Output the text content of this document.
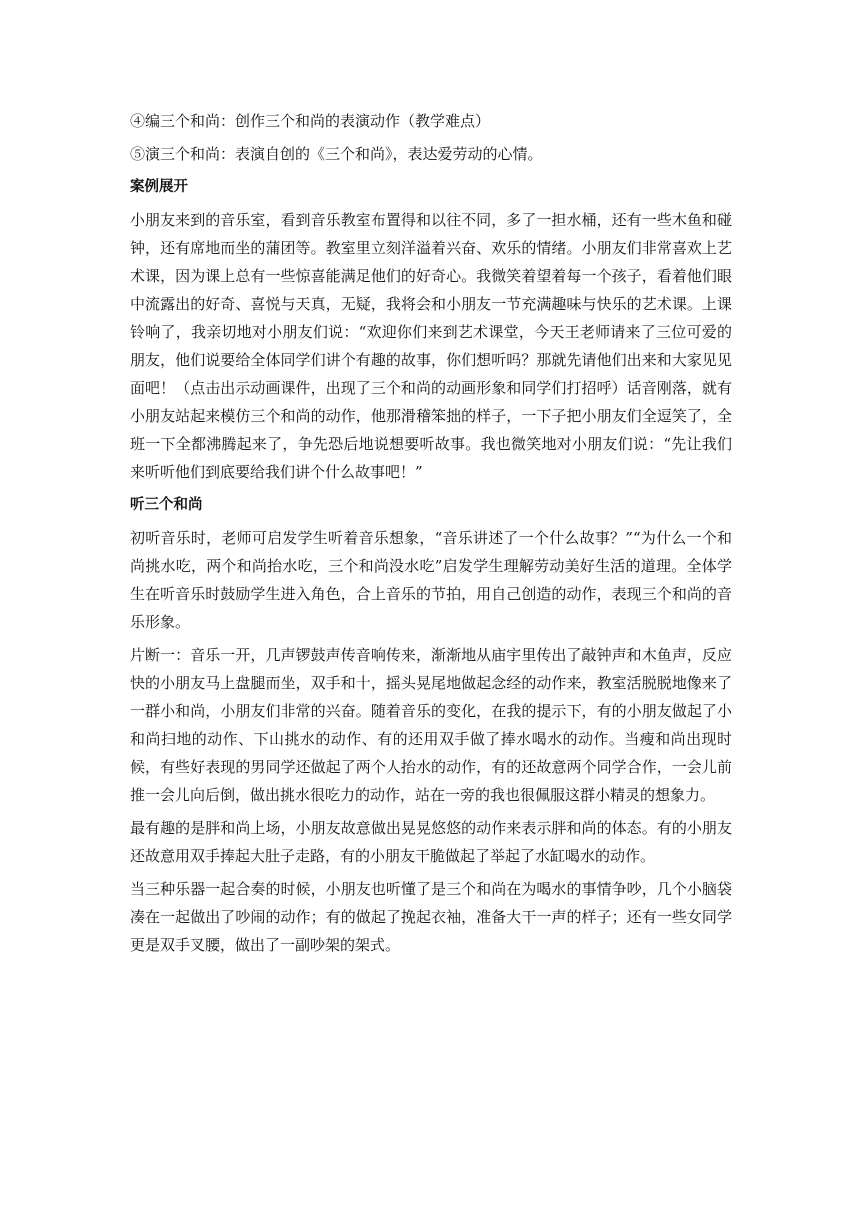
④编三个和尚：创作三个和尚的表演动作（教学难点）

⑤演三个和尚：表演自创的《三个和尚》，表达爱劳动的心情。

案例展开

小朋友来到的音乐室，看到音乐教室布置得和以往不同，多了一担水桶，还有一些木鱼和碰钟，还有席地而坐的蒲团等。教室里立刻洋溢着兴奋、欢乐的情绪。小朋友们非常喜欢上艺术课，因为课上总有一些惊喜能满足他们的好奇心。我微笑着望着每一个孩子，看着他们眼中流露出的好奇、喜悦与天真，无疑，我将会和小朋友一节充满趣味与快乐的艺术课。上课铃响了，我亲切地对小朋友们说：“欢迎你们来到艺术课堂，今天王老师请来了三位可爱的朋友，他们说要给全体同学们讲个有趣的故事，你们想听吗？那就先请他们出来和大家见见面吧！（点击出示动画课件，出现了三个和尚的动画形象和同学们打招呼）话音刚落，就有小朋友站起来模仿三个和尚的动作，他那滑稽笨拙的样子，一下子把小朋友们全逗笑了，全班一下全都沸腾起来了，争先恐后地说想要听故事。我也微笑地对小朋友们说：“先让我们来听听他们到底要给我们讲个什么故事吧！”

听三个和尚

初听音乐时，老师可启发学生听着音乐想象，“音乐讲述了一个什么故事？”“为什么一个和尚挑水吃，两个和尚抬水吃，三个和尚没水吃”启发学生理解劳动美好生活的道理。全体学生在听音乐时鼓励学生进入角色，合上音乐的节拍，用自己创造的动作，表现三个和尚的音乐形象。

片断一：音乐一开，几声锣鼓声传音响传来，渐渐地从庙宇里传出了敲钟声和木鱼声，反应快的小朋友马上盘腿而坐，双手和十，摇头晃尾地做起念经的动作来，教室活脱脱地像来了一群小和尚，小朋友们非常的兴奋。随着音乐的变化，在我的提示下，有的小朋友做起了小和尚扫地的动作、下山挑水的动作、有的还用双手做了捧水喝水的动作。当瘦和尚出现时候，有些好表现的男同学还做起了两个人抬水的动作，有的还故意两个同学合作，一会儿前推一会儿向后倒，做出挑水很吃力的动作，站在一旁的我也很佩服这群小精灵的想象力。

最有趣的是胖和尚上场，小朋友故意做出晃晃悠悠的动作来表示胖和尚的体态。有的小朋友还故意用双手捧起大肚子走路，有的小朋友干脆做起了举起了水缸喝水的动作。

当三种乐器一起合奏的时候，小朋友也听懂了是三个和尚在为喝水的事情争吵，几个小脑袋凑在一起做出了吵闹的动作；有的做起了挽起衣袖，准备大干一声的样子；还有一些女同学更是双手叉腰，做出了一副吵架的架式。
